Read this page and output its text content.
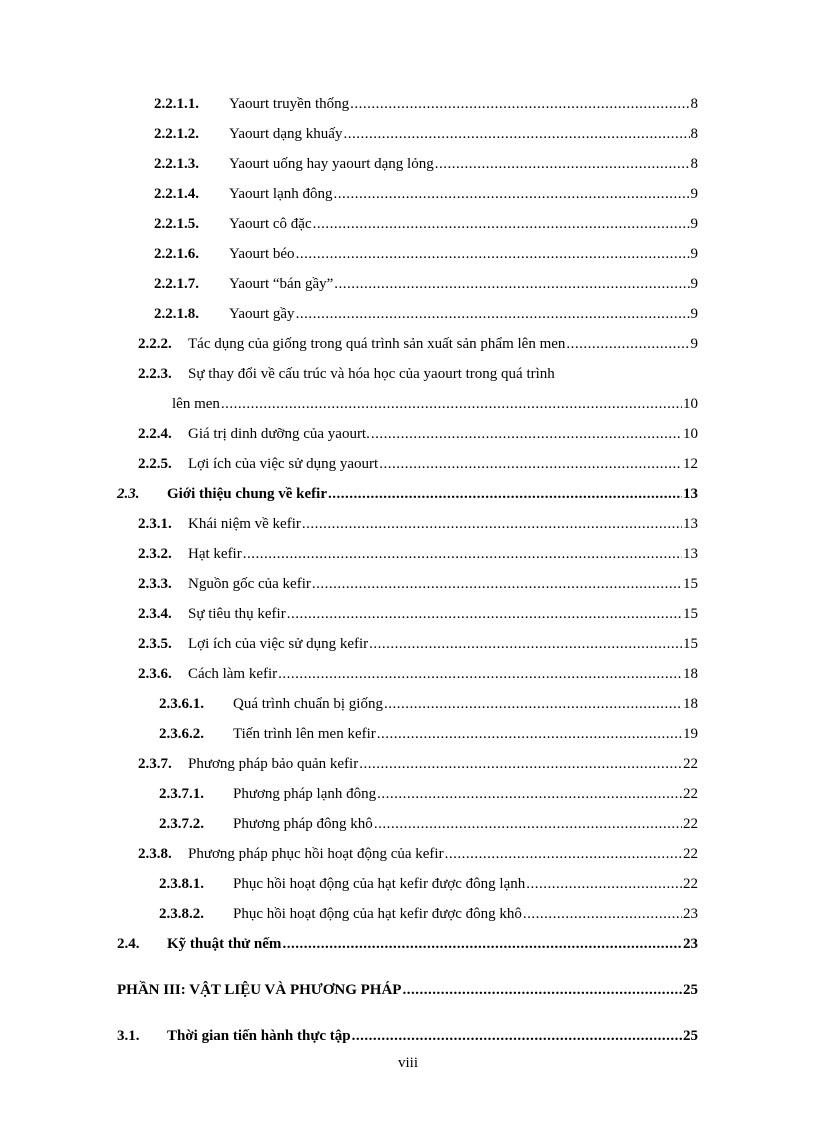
2.2.1.1.	Yaourt truyền thống .....	8
2.2.1.2.	Yaourt dạng khuấy .....	8
2.2.1.3.	Yaourt uống hay yaourt dạng lỏng .....	8
2.2.1.4.	Yaourt lạnh đông .....	9
2.2.1.5.	Yaourt cô đặc .....	9
2.2.1.6.	Yaourt béo .....	9
2.2.1.7.	Yaourt “bán gầy” .....	9
2.2.1.8.	Yaourt gầy .....	9
2.2.2.	Tác dụng của giống trong quá trình sản xuất sản phẩm lên men .....	9
2.2.3.	Sự thay đổi về cấu trúc và hóa học của yaourt trong quá trình
lên men .....	10
2.2.4.	Giá trị dinh dưỡng của yaourt. .....	10
2.2.5.	Lợi ích của việc sử dụng yaourt .....	12
2.3.	Giới thiệu chung về kefir .....	13
2.3.1.	Khái niệm về kefir .....	13
2.3.2.	Hạt kefir .....	13
2.3.3.	Nguồn gốc của kefir .....	15
2.3.4.	Sự tiêu thụ kefir .....	15
2.3.5.	Lợi ích của việc sử dụng kefir .....	15
2.3.6.	Cách làm kefir .....	18
2.3.6.1.	Quá trình chuẩn bị giống .....	18
2.3.6.2.	Tiến trình lên men kefir .....	19
2.3.7.	Phương pháp bảo quản kefir .....	22
2.3.7.1.	Phương pháp lạnh đông .....	22
2.3.7.2.	Phương pháp đông khô .....	22
2.3.8.	Phương pháp phục hồi hoạt động của kefir .....	22
2.3.8.1.	Phục hồi hoạt động của hạt kefir được đông lạnh .....	22
2.3.8.2.	Phục hồi hoạt động của hạt kefir được đông khô .....	23
2.4.	Kỹ thuật thử nếm .....	23
PHẦN III: VẬT LIỆU VÀ PHƯƠNG PHÁP .....	25
3.1.	Thời gian tiến hành thực tập .....	25
viii
